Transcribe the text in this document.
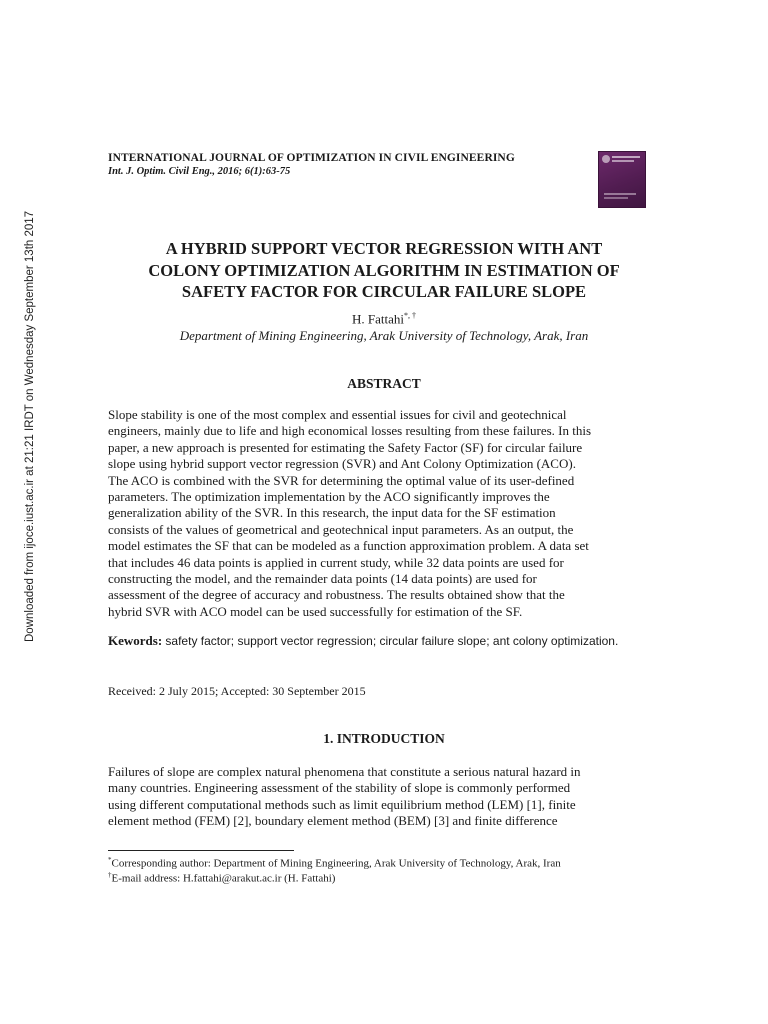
Downloaded from ijoce.iust.ac.ir at 21:21 IRDT on Wednesday September 13th 2017
INTERNATIONAL JOURNAL OF OPTIMIZATION IN CIVIL ENGINEERING
Int. J. Optim. Civil Eng., 2016; 6(1):63-75
A HYBRID SUPPORT VECTOR REGRESSION WITH ANT
COLONY OPTIMIZATION ALGORITHM IN ESTIMATION OF
SAFETY FACTOR FOR CIRCULAR FAILURE SLOPE
H. Fattahi*, †
Department of Mining Engineering, Arak University of Technology, Arak, Iran
ABSTRACT
Slope stability is one of the most complex and essential issues for civil and geotechnical
engineers, mainly due to life and high economical losses resulting from these failures. In this
paper, a new approach is presented for estimating the Safety Factor (SF) for circular failure
slope using hybrid support vector regression (SVR) and Ant Colony Optimization (ACO).
The ACO is combined with the SVR for determining the optimal value of its user-defined
parameters. The optimization implementation by the ACO significantly improves the
generalization ability of the SVR. In this research, the input data for the SF estimation
consists of the values of geometrical and geotechnical input parameters. As an output, the
model estimates the SF that can be modeled as a function approximation problem. A data set
that includes 46 data points is applied in current study, while 32 data points are used for
constructing the model, and the remainder data points (14 data points) are used for
assessment of the degree of accuracy and robustness. The results obtained show that the
hybrid SVR with ACO model can be used successfully for estimation of the SF.
Kewords: safety factor; support vector regression; circular failure slope; ant colony optimization.
Received: 2 July 2015; Accepted: 30 September 2015
1. INTRODUCTION
Failures of slope are complex natural phenomena that constitute a serious natural hazard in
many countries. Engineering assessment of the stability of slope is commonly performed
using different computational methods such as limit equilibrium method (LEM) [1], finite
element method (FEM) [2], boundary element method (BEM) [3] and finite difference
*Corresponding author: Department of Mining Engineering, Arak University of Technology, Arak, Iran
†E-mail address: H.fattahi@arakut.ac.ir (H. Fattahi)
